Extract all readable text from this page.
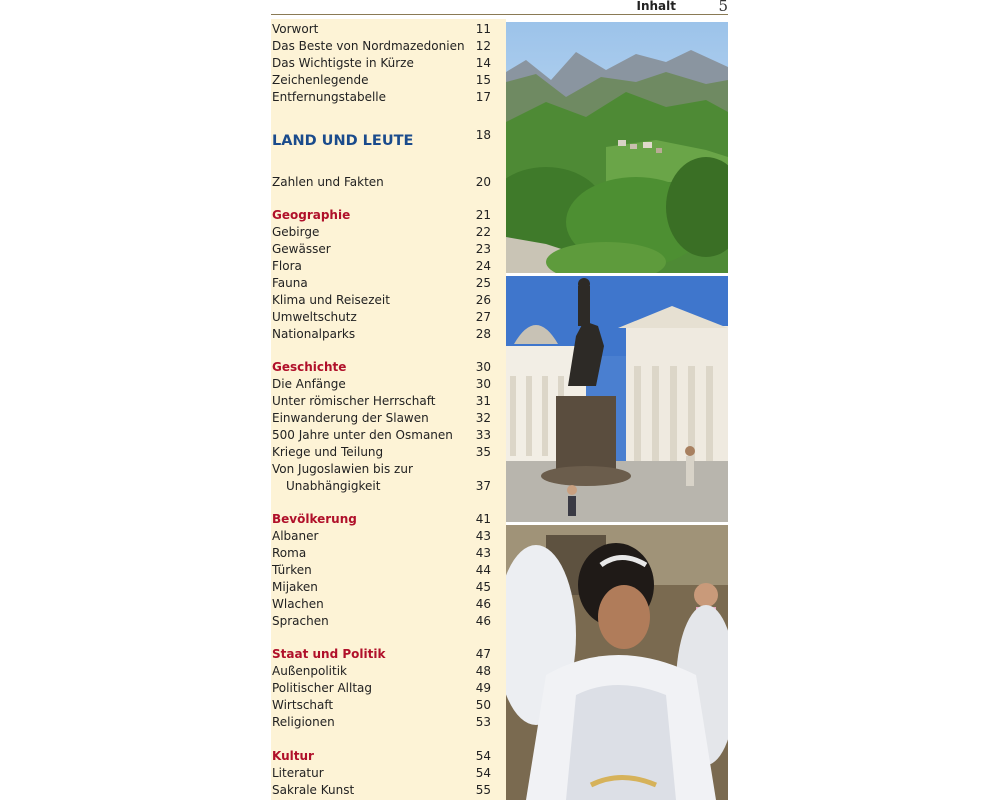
Inhalt	5
Vorwort	11
Das Beste von Nordmazedonien 12
Das Wichtigste in Kürze	14
Zeichenlegende	15
Entfernungstabelle	17
LAND UND LEUTE	18
Zahlen und Fakten	20
Geographie	21
Gebirge	22
Gewässer	23
Flora	24
Fauna	25
Klima und Reisezeit	26
Umweltschutz	27
Nationalparks	28
Geschichte	30
Die Anfänge	30
Unter römischer Herrschaft	31
Einwanderung der Slawen	32
500 Jahre unter den Osmanen 33
Kriege und Teilung	35
Von Jugoslawien bis zur
Unabhängigkeit	37
Bevölkerung	41
Albaner	43
Roma	43
Türken	44
Mijaken	45
Wlachen	46
Sprachen	46
Staat und Politik	47
Außenpolitik	48
Politischer Alltag	49
Wirtschaft	50
Religionen	53
Kultur	54
Literatur	54
Sakrale Kunst	55
